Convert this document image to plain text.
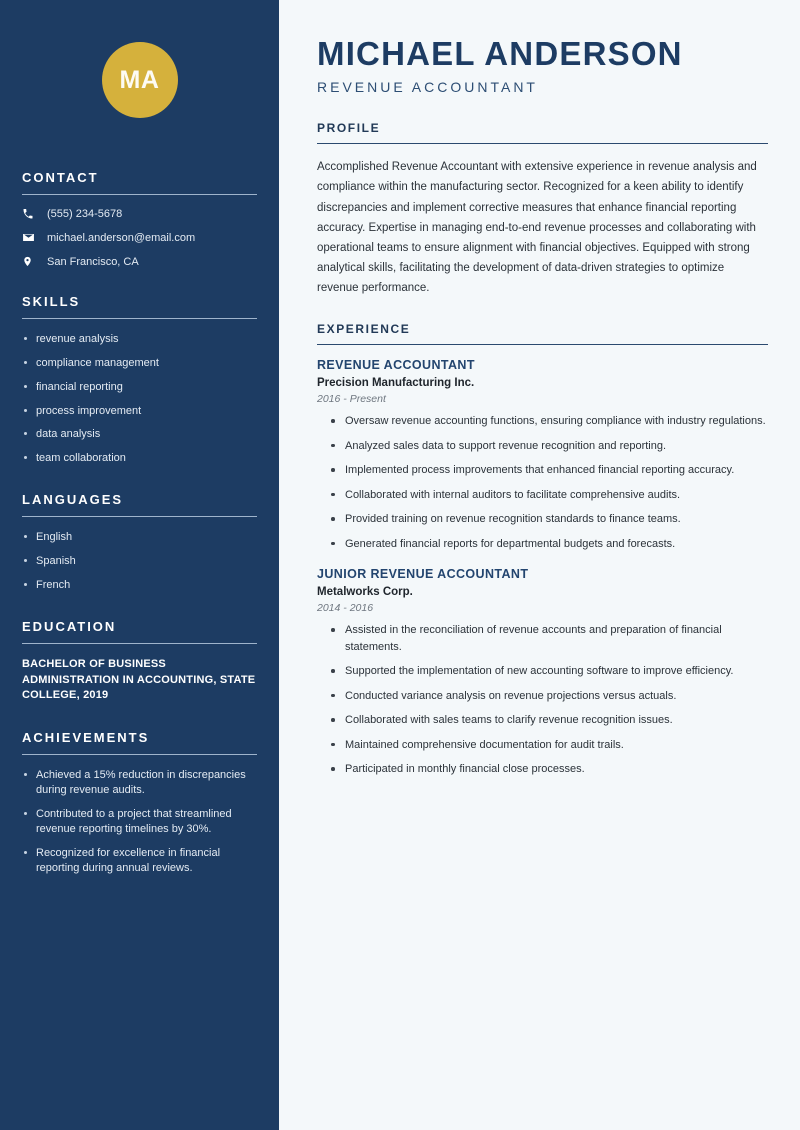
MA
CONTACT
(555) 234-5678
michael.anderson@email.com
San Francisco, CA
SKILLS
revenue analysis
compliance management
financial reporting
process improvement
data analysis
team collaboration
LANGUAGES
English
Spanish
French
EDUCATION
BACHELOR OF BUSINESS ADMINISTRATION IN ACCOUNTING, STATE COLLEGE, 2019
ACHIEVEMENTS
Achieved a 15% reduction in discrepancies during revenue audits.
Contributed to a project that streamlined revenue reporting timelines by 30%.
Recognized for excellence in financial reporting during annual reviews.
MICHAEL ANDERSON
REVENUE ACCOUNTANT
PROFILE

Accomplished Revenue Accountant with extensive experience in revenue analysis and compliance within the manufacturing sector. Recognized for a keen ability to identify discrepancies and implement corrective measures that enhance financial reporting accuracy. Expertise in managing end-to-end revenue processes and collaborating with operational teams to ensure alignment with financial objectives. Equipped with strong analytical skills, facilitating the development of data-driven strategies to optimize revenue performance.

EXPERIENCE
REVENUE ACCOUNTANT
Precision Manufacturing Inc.
2016 - Present
Oversaw revenue accounting functions, ensuring compliance with industry regulations.
Analyzed sales data to support revenue recognition and reporting.
Implemented process improvements that enhanced financial reporting accuracy.
Collaborated with internal auditors to facilitate comprehensive audits.
Provided training on revenue recognition standards to finance teams.
Generated financial reports for departmental budgets and forecasts.
JUNIOR REVENUE ACCOUNTANT
Metalworks Corp.
2014 - 2016
Assisted in the reconciliation of revenue accounts and preparation of financial statements.
Supported the implementation of new accounting software to improve efficiency.
Conducted variance analysis on revenue projections versus actuals.
Collaborated with sales teams to clarify revenue recognition issues.
Maintained comprehensive documentation for audit trails.
Participated in monthly financial close processes.
